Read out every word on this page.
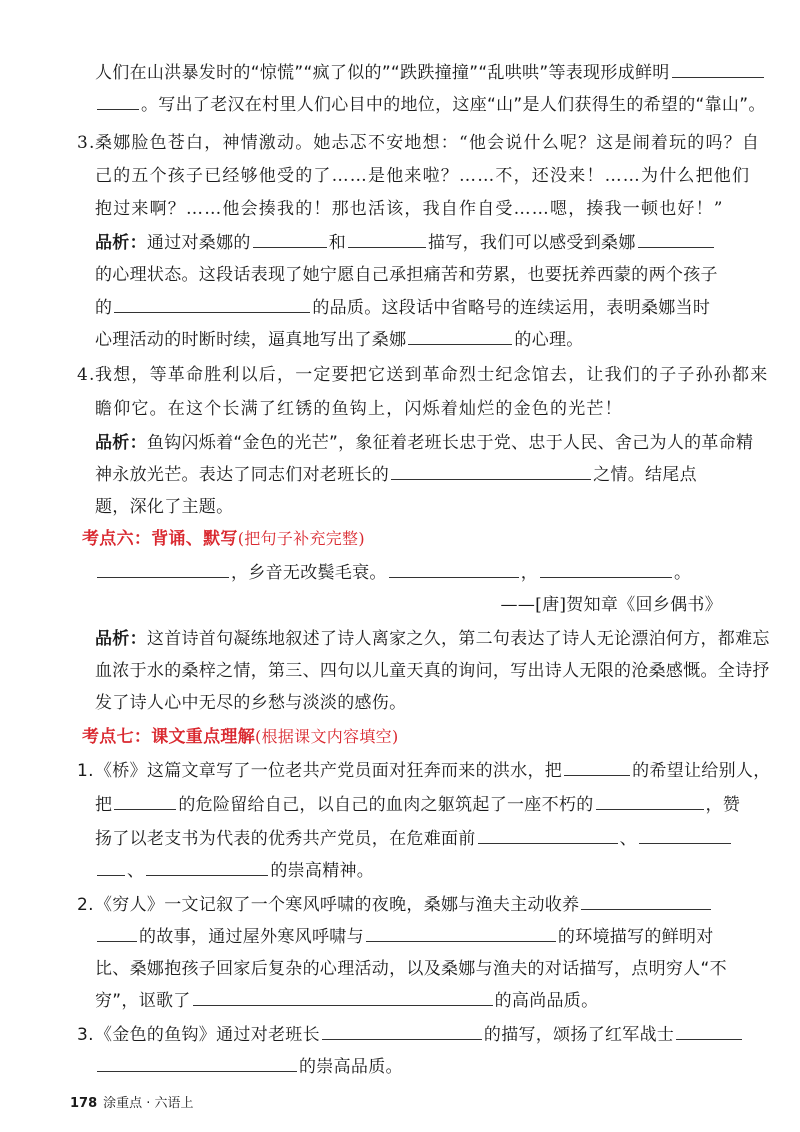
人们在山洪暴发时的“惊慌”“疯了似的”“跌跌撞撞”“乱哄哄”等表现形成鲜明
。写出了老汉在村里人们心目中的地位，这座“山”是人们获得生的希望的“靠山”。
3.桑娜脸色苍白，神情激动。她忐忑不安地想：“他会说什么呢？这是闹着玩的吗？自
己的五个孩子已经够他受的了……是他来啦？……不，还没来！……为什么把他们
抱过来啊？……他会揍我的！那也活该，我自作自受……嗯，揍我一顿也好！”
品析：通过对桑娜的	和	描写，我们可以感受到桑娜
的心理状态。这段话表现了她宁愿自己承担痛苦和劳累，也要抚养西蒙的两个孩子
的	的品质。这段话中省略号的连续运用，表明桑娜当时
心理活动的时断时续，逼真地写出了桑娜	的心理。
4.我想，等革命胜利以后，一定要把它送到革命烈士纪念馆去，让我们的子子孙孙都来
瞻仰它。在这个长满了红锈的鱼钩上，闪烁着灿烂的金色的光芒！
品析：鱼钩闪烁着“金色的光芒”，象征着老班长忠于党、忠于人民、舍己为人的革命精
神永放光芒。表达了同志们对老班长的	之情。结尾点
题，深化了主题。
考点六：背诵、默写(把句子补充完整)
，乡音无改鬓毛衰。	，	。
——[唐]贺知章《回乡偶书》
品析：这首诗首句凝练地叙述了诗人离家之久，第二句表达了诗人无论漂泊何方，都难忘
血浓于水的桑梓之情，第三、四句以儿童天真的询问，写出诗人无限的沧桑感慨。全诗抒
发了诗人心中无尽的乡愁与淡淡的感伤。
考点七：课文重点理解(根据课文内容填空)
1.《桥》这篇文章写了一位老共产党员面对狂奔而来的洪水，把	的希望让给别人，
把	的危险留给自己，以自己的血肉之躯筑起了一座不朽的	，赞
扬了以老支书为代表的优秀共产党员，在危难面前	、
、	的崇高精神。
2.《穷人》一文记叙了一个寒风呼啸的夜晚，桑娜与渔夫主动收养
的故事，通过屋外寒风呼啸与	的环境描写的鲜明对
比、桑娜抱孩子回家后复杂的心理活动，以及桑娜与渔夫的对话描写，点明穷人“不
穷”，讴歌了	的高尚品质。
3.《金色的鱼钩》通过对老班长	的描写，颂扬了红军战士
的崇高品质。
178 涂重点 · 六语上
